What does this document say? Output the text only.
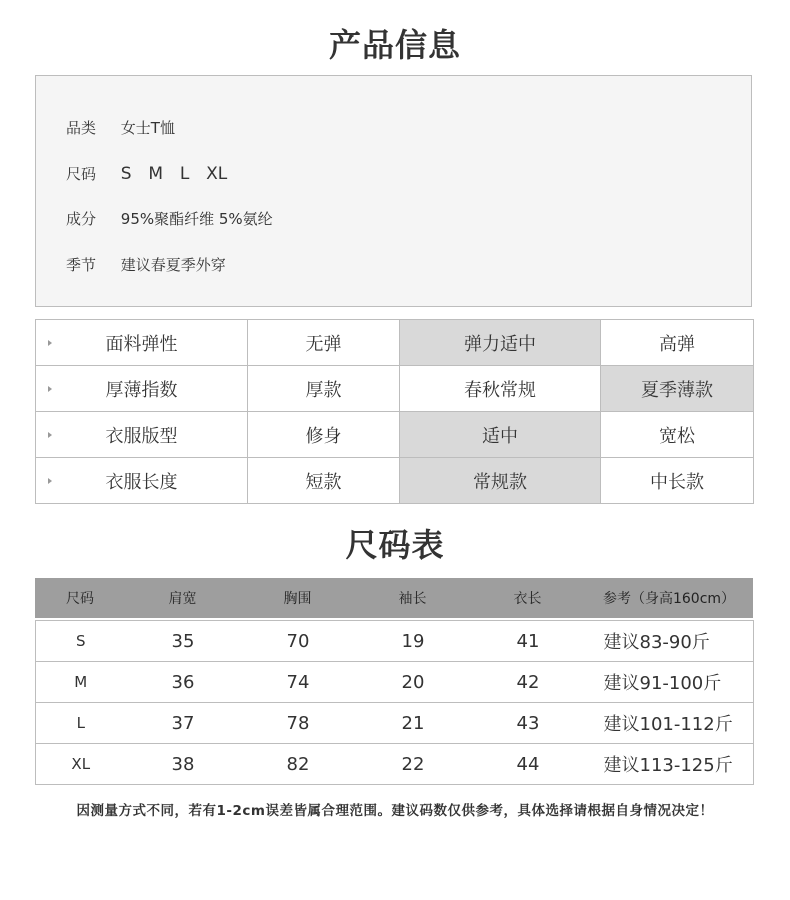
产品信息
品类 女士T恤
尺码 S M L XL
成分 95%聚酯纤维 5%氨纶
季节 建议春夏季外穿
面料弹性	无弹	弹力适中	高弹

厚薄指数	厚款	春秋常规	夏季薄款

衣服版型	修身	适中	宽松

衣服长度	短款	常规款	中长款
尺码表
尺码	肩宽	胸围	袖长	衣长	参考（身高160cm）
S	35	70	19	41	建议83-90斤
M	36	74	20	42	建议91-100斤
L	37	78	21	43	建议101-112斤
XL	38	82	22	44	建议113-125斤
因测量方式不同，若有1-2cm误差皆属合理范围。建议码数仅供参考，具体选择请根据自身情况决定！
